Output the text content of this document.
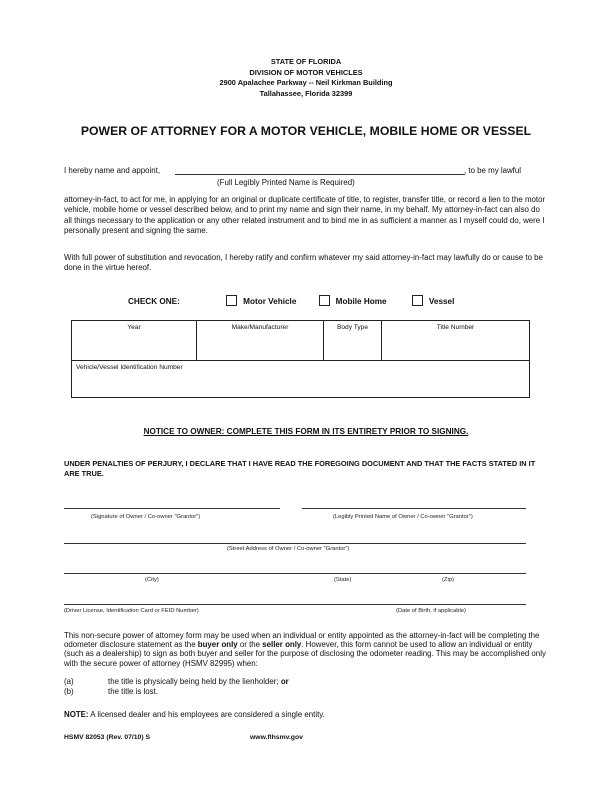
STATE OF FLORIDA
DIVISION OF MOTOR VEHICLES
2900 Apalachee Parkway -- Neil Kirkman Building
Tallahassee, Florida 32399
POWER OF ATTORNEY FOR A MOTOR VEHICLE, MOBILE HOME OR VESSEL
I hereby name and appoint,	, to be my lawful
(Full Legibly Printed Name is Required)
attorney-in-fact, to act for me, in applying for an original or duplicate certificate of title, to register, transfer title, or record a lien to the motor vehicle, mobile home or vessel described below, and to print my name and sign their name, in my behalf. My attorney-in-fact can also do all things necessary to the application or any other related instrument and to bind me in as sufficient a manner as I myself could do, were I personally present and signing the same.
With full power of substitution and revocation, I hereby ratify and confirm whatever my said attorney-in-fact may lawfully do or cause to be done in the virtue hereof.
CHECK ONE:	Motor Vehicle	Mobile Home	Vessel
Year	Make/Manufacturer	Body Type	Title Number
Vehicle/Vessel Identification Number
NOTICE TO OWNER: COMPLETE THIS FORM IN ITS ENTIRETY PRIOR TO SIGNING.
UNDER PENALTIES OF PERJURY, I DECLARE THAT I HAVE READ THE FOREGOING DOCUMENT AND THAT THE FACTS STATED IN IT ARE TRUE.
(Signature of Owner / Co-owner "Grantor")	(Legibly Printed Name of Owner / Co-owner "Grantor")
(Street Address of Owner / Co-owner "Grantor")
(City)	(State)	(Zip)
(Driver License, Identification Card or FEID Number)	(Date of Birth, if applicable)
This non-secure power of attorney form may be used when an individual or entity appointed as the attorney-in-fact will be completing the odometer disclosure statement as the buyer only or the seller only. However, this form cannot be used to allow an individual or entity (such as a dealership) to sign as both buyer and seller for the purpose of disclosing the odometer reading. This may be accomplished only with the secure power of attorney (HSMV 82995) when:
(a)	the title is physically being held by the lienholder; or
(b)	the title is lost.
NOTE: A licensed dealer and his employees are considered a single entity.
HSMV 82053 (Rev. 07/10) S	www.flhsmv.gov
